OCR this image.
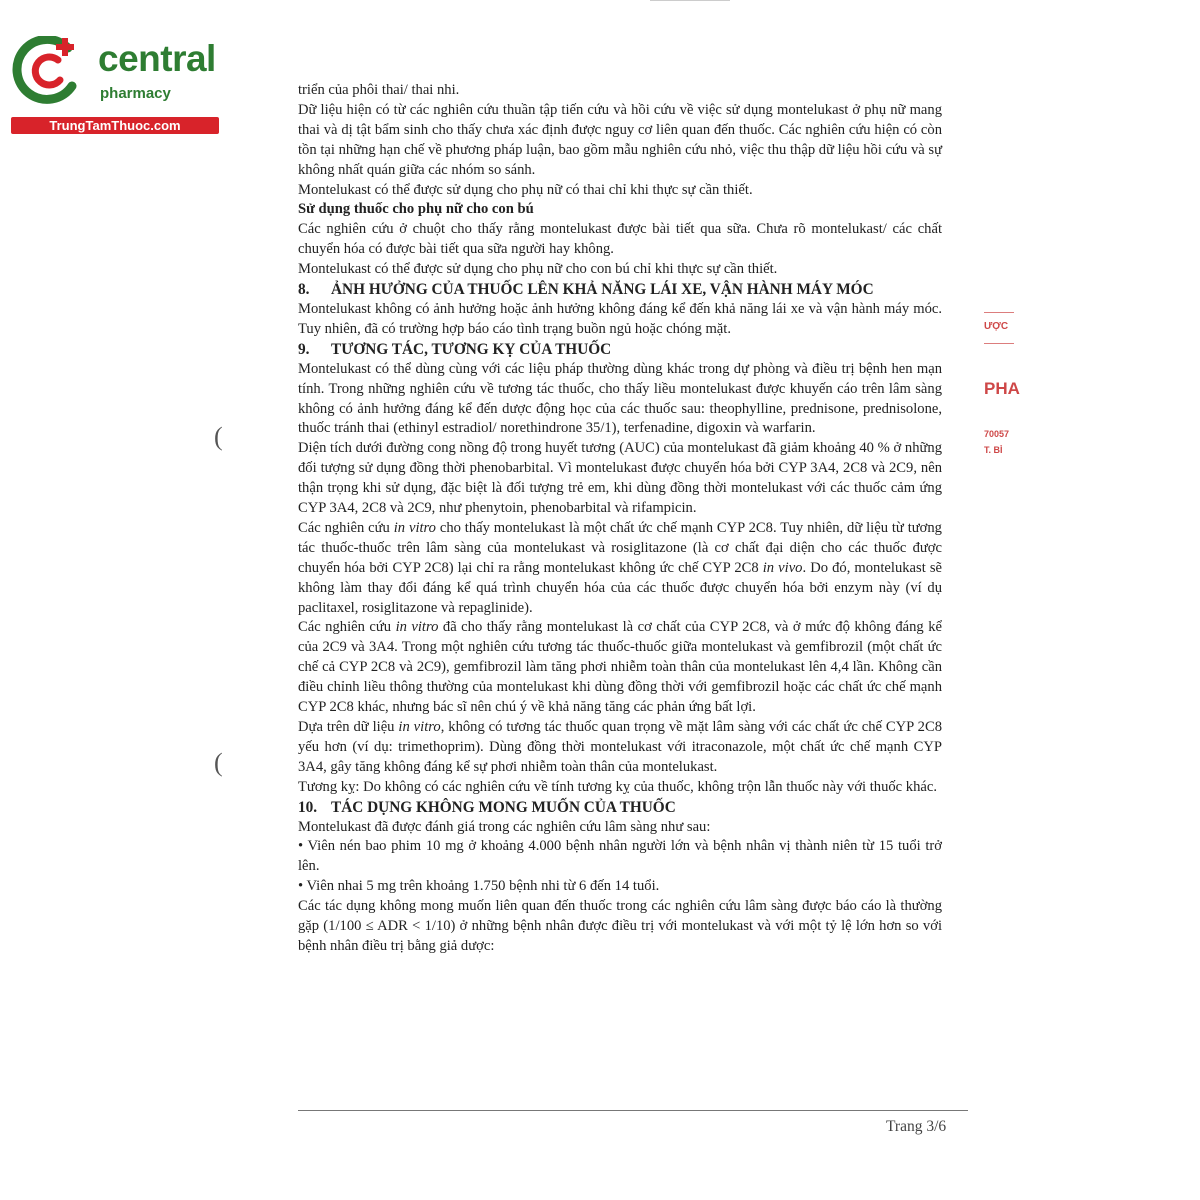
central
pharmacy
TrungTamThuoc.com

triển của phôi thai/ thai nhi.

Dữ liệu hiện có từ các nghiên cứu thuần tập tiến cứu và hồi cứu về việc sử dụng montelukast ở phụ nữ mang thai và dị tật bẩm sinh cho thấy chưa xác định được nguy cơ liên quan đến thuốc. Các nghiên cứu hiện có còn tồn tại những hạn chế về phương pháp luận, bao gồm mẫu nghiên cứu nhỏ, việc thu thập dữ liệu hồi cứu và sự không nhất quán giữa các nhóm so sánh.

Montelukast có thể được sử dụng cho phụ nữ có thai chỉ khi thực sự cần thiết.

Sử dụng thuốc cho phụ nữ cho con bú

Các nghiên cứu ở chuột cho thấy rằng montelukast được bài tiết qua sữa. Chưa rõ montelukast/ các chất chuyển hóa có được bài tiết qua sữa người hay không.

Montelukast có thể được sử dụng cho phụ nữ cho con bú chỉ khi thực sự cần thiết.

8. ẢNH HƯỞNG CỦA THUỐC LÊN KHẢ NĂNG LÁI XE, VẬN HÀNH MÁY MÓC

Montelukast không có ảnh hưởng hoặc ảnh hưởng không đáng kể đến khả năng lái xe và vận hành máy móc. Tuy nhiên, đã có trường hợp báo cáo tình trạng buồn ngủ hoặc chóng mặt.

9. TƯƠNG TÁC, TƯƠNG KỴ CỦA THUỐC

Montelukast có thể dùng cùng với các liệu pháp thường dùng khác trong dự phòng và điều trị bệnh hen mạn tính. Trong những nghiên cứu về tương tác thuốc, cho thấy liều montelukast được khuyến cáo trên lâm sàng không có ảnh hưởng đáng kể đến dược động học của các thuốc sau: theophylline, prednisone, prednisolone, thuốc tránh thai (ethinyl estradiol/ norethindrone 35/1), terfenadine, digoxin và warfarin.

Diện tích dưới đường cong nồng độ trong huyết tương (AUC) của montelukast đã giảm khoảng 40 % ở những đối tượng sử dụng đồng thời phenobarbital. Vì montelukast được chuyển hóa bởi CYP 3A4, 2C8 và 2C9, nên thận trọng khi sử dụng, đặc biệt là đối tượng trẻ em, khi dùng đồng thời montelukast với các thuốc cảm ứng CYP 3A4, 2C8 và 2C9, như phenytoin, phenobarbital và rifampicin.

Các nghiên cứu in vitro cho thấy montelukast là một chất ức chế mạnh CYP 2C8. Tuy nhiên, dữ liệu từ tương tác thuốc-thuốc trên lâm sàng của montelukast và rosiglitazone (là cơ chất đại diện cho các thuốc được chuyển hóa bởi CYP 2C8) lại chỉ ra rằng montelukast không ức chế CYP 2C8 in vivo. Do đó, montelukast sẽ không làm thay đổi đáng kể quá trình chuyển hóa của các thuốc được chuyển hóa bởi enzym này (ví dụ paclitaxel, rosiglitazone và repaglinide).

Các nghiên cứu in vitro đã cho thấy rằng montelukast là cơ chất của CYP 2C8, và ở mức độ không đáng kể của 2C9 và 3A4. Trong một nghiên cứu tương tác thuốc-thuốc giữa montelukast và gemfibrozil (một chất ức chế cả CYP 2C8 và 2C9), gemfibrozil làm tăng phơi nhiễm toàn thân của montelukast lên 4,4 lần. Không cần điều chỉnh liều thông thường của montelukast khi dùng đồng thời với gemfibrozil hoặc các chất ức chế mạnh CYP 2C8 khác, nhưng bác sĩ nên chú ý về khả năng tăng các phản ứng bất lợi.

Dựa trên dữ liệu in vitro, không có tương tác thuốc quan trọng về mặt lâm sàng với các chất ức chế CYP 2C8 yếu hơn (ví dụ: trimethoprim). Dùng đồng thời montelukast với itraconazole, một chất ức chế mạnh CYP 3A4, gây tăng không đáng kể sự phơi nhiễm toàn thân của montelukast.

Tương kỵ: Do không có các nghiên cứu về tính tương kỵ của thuốc, không trộn lẫn thuốc này với thuốc khác.

10. TÁC DỤNG KHÔNG MONG MUỐN CỦA THUỐC

Montelukast đã được đánh giá trong các nghiên cứu lâm sàng như sau:

• Viên nén bao phim 10 mg ở khoảng 4.000 bệnh nhân người lớn và bệnh nhân vị thành niên từ 15 tuổi trở lên.

• Viên nhai 5 mg trên khoảng 1.750 bệnh nhi từ 6 đến 14 tuổi.

Các tác dụng không mong muốn liên quan đến thuốc trong các nghiên cứu lâm sàng được báo cáo là thường gặp (1/100 ≤ ADR < 1/10) ở những bệnh nhân được điều trị với montelukast và với một tỷ lệ lớn hơn so với bệnh nhân điều trị bằng giả dược:

Trang 3/6
(
(
ƯỢC
PHA
70057
T. BÌ
